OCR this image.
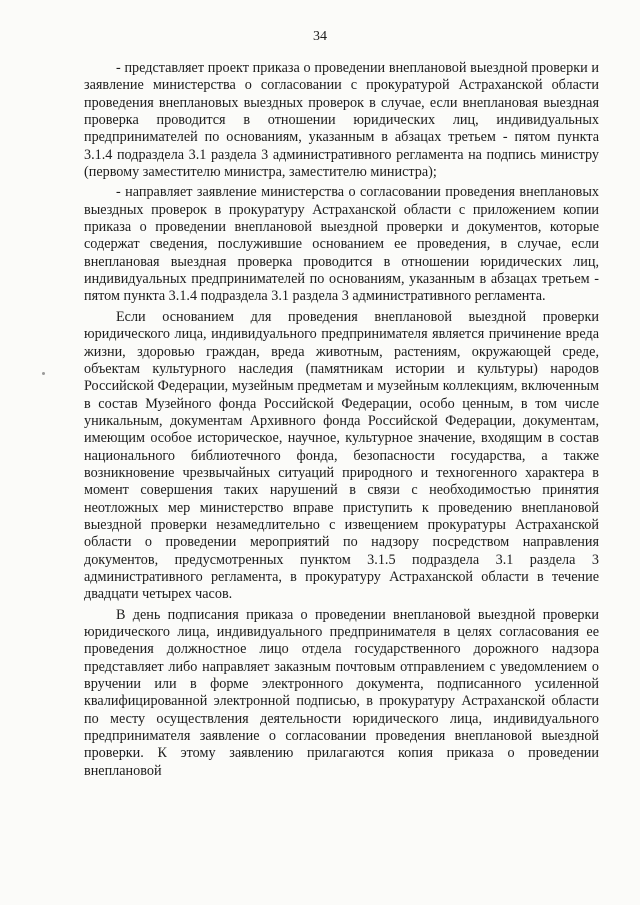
34

- представляет проект приказа о проведении внеплановой выездной проверки и заявление министерства о согласовании с прокуратурой Астраханской области проведения внеплановых выездных проверок в случае, если внеплановая выездная проверка проводится в отношении юридических лиц, индивидуальных предпринимателей по основаниям, указанным в абзацах третьем - пятом пункта 3.1.4 подраздела 3.1 раздела 3 административного регламента на подпись министру (первому заместителю министра, заместителю министра);

- направляет заявление министерства о согласовании проведения внеплановых выездных проверок в прокуратуру Астраханской области с приложением копии приказа о проведении внеплановой выездной проверки и документов, которые содержат сведения, послужившие основанием ее проведения, в случае, если внеплановая выездная проверка проводится в отношении юридических лиц, индивидуальных предпринимателей по основаниям, указанным в абзацах третьем - пятом пункта 3.1.4 подраздела 3.1 раздела 3 административного регламента.

Если основанием для проведения внеплановой выездной проверки юридического лица, индивидуального предпринимателя является причинение вреда жизни, здоровью граждан, вреда животным, растениям, окружающей среде, объектам культурного наследия (памятникам истории и культуры) народов Российской Федерации, музейным предметам и музейным коллекциям, включенным в состав Музейного фонда Российской Федерации, особо ценным, в том числе уникальным, документам Архивного фонда Российской Федерации, документам, имеющим особое историческое, научное, культурное значение, входящим в состав национального библиотечного фонда, безопасности государства, а также возникновение чрезвычайных ситуаций природного и техногенного характера в момент совершения таких нарушений в связи с необходимостью принятия неотложных мер министерство вправе приступить к проведению внеплановой выездной проверки незамедлительно с извещением прокуратуры Астраханской области о проведении мероприятий по надзору посредством направления документов, предусмотренных пунктом 3.1.5 подраздела 3.1 раздела 3 административного регламента, в прокуратуру Астраханской области в течение двадцати четырех часов.

В день подписания приказа о проведении внеплановой выездной проверки юридического лица, индивидуального предпринимателя в целях согласования ее проведения должностное лицо отдела государственного дорожного надзора представляет либо направляет заказным почтовым отправлением с уведомлением о вручении или в форме электронного документа, подписанного усиленной квалифицированной электронной подписью, в прокуратуру Астраханской области по месту осуществления деятельности юридического лица, индивидуального предпринимателя заявление о согласовании проведения внеплановой выездной проверки. К этому заявлению прилагаются копия приказа о проведении внеплановой
